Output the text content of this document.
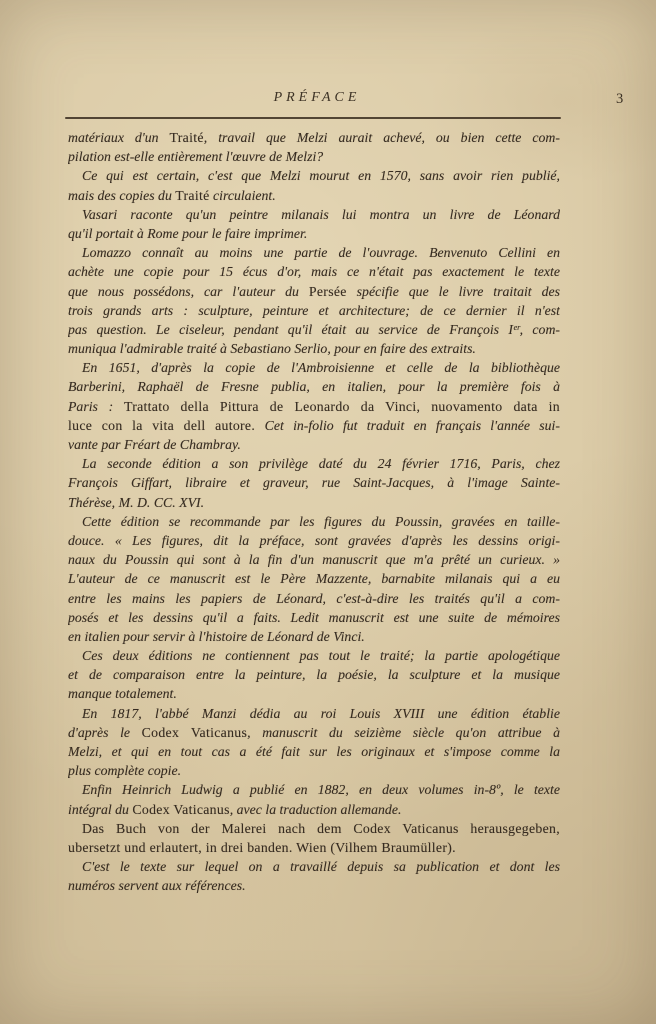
PRÉFACE	3
matériaux d'un Traité, travail que Melzi aurait achevé, ou bien cette com-
pilation est-elle entièrement l'œuvre de Melzi?
Ce qui est certain, c'est que Melzi mourut en 1570, sans avoir rien publié,
mais des copies du Traité circulaient.
Vasari raconte qu'un peintre milanais lui montra un livre de Léonard
qu'il portait à Rome pour le faire imprimer.
Lomazzo connaît au moins une partie de l'ouvrage. Benvenuto Cellini en
achète une copie pour 15 écus d'or, mais ce n'était pas exactement le texte
que nous possédons, car l'auteur du Persée spécifie que le livre traitait des
trois grands arts : sculpture, peinture et architecture; de ce dernier il n'est
pas question. Le ciseleur, pendant qu'il était au service de François Iᵉʳ, com-
muniqua l'admirable traité à Sebastiano Serlio, pour en faire des extraits.
En 1651, d'après la copie de l'Ambroisienne et celle de la bibliothèque
Barberini, Raphaël de Fresne publia, en italien, pour la première fois à
Paris : Trattato della Pittura de Leonardo da Vinci, nuovamento data in
luce con la vita dell autore. Cet in-folio fut traduit en français l'année sui-
vante par Fréart de Chambray.
La seconde édition a son privilège daté du 24 février 1716, Paris, chez
François Giffart, libraire et graveur, rue Saint-Jacques, à l'image Sainte-
Thérèse, M. D. CC. XVI.
Cette édition se recommande par les figures du Poussin, gravées en taille-
douce. « Les figures, dit la préface, sont gravées d'après les dessins origi-
naux du Poussin qui sont à la fin d'un manuscrit que m'a prêté un curieux. »
L'auteur de ce manuscrit est le Père Mazzente, barnabite milanais qui a eu
entre les mains les papiers de Léonard, c'est-à-dire les traités qu'il a com-
posés et les dessins qu'il a faits. Ledit manuscrit est une suite de mémoires
en italien pour servir à l'histoire de Léonard de Vinci.
Ces deux éditions ne contiennent pas tout le traité; la partie apologétique
et de comparaison entre la peinture, la poésie, la sculpture et la musique
manque totalement.
En 1817, l'abbé Manzi dédia au roi Louis XVIII une édition établie
d'après le Codex Vaticanus, manuscrit du seizième siècle qu'on attribue à
Melzi, et qui en tout cas a été fait sur les originaux et s'impose comme la
plus complète copie.
Enfin Heinrich Ludwig a publié en 1882, en deux volumes in-8º, le texte
intégral du Codex Vaticanus, avec la traduction allemande.
Das Buch von der Malerei nach dem Codex Vaticanus herausgegeben,
ubersetzt und erlautert, in drei banden. Wien (Vilhem Braumüller).
C'est le texte sur lequel on a travaillé depuis sa publication et dont les
numéros servent aux références.
